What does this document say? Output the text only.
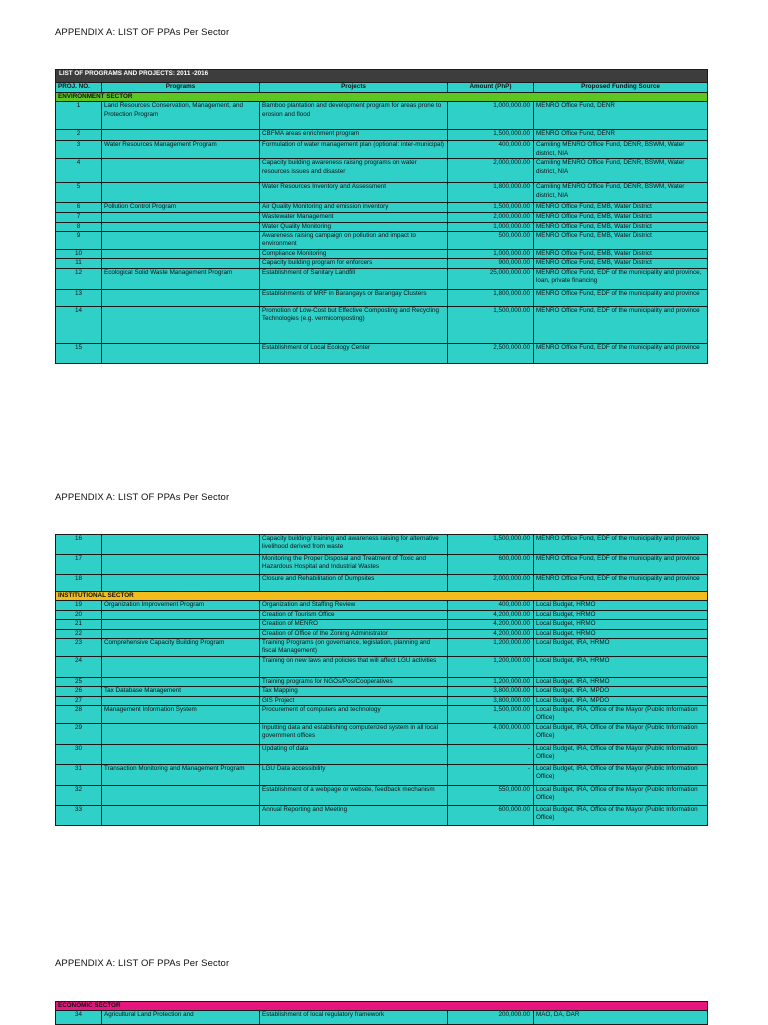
APPENDIX A: LIST OF PPAs Per Sector
LIST OF PROGRAMS AND PROJECTS: 2011 -2016				
PROJ. NO.	Programs	Projects	Amount (PhP)	Proposed Funding Source
ENVIRONMENT SECTOR				
1	Land Resources Conservation, Management, and Protection Program	Bamboo plantation and development program for areas prone to erosion and flood	1,000,000.00	MENRO Office Fund, DENR
2		CBFMA areas enrichment program	1,500,000.00	MENRO Office Fund, DENR
3	Water Resources Management Program	Formulation of water management plan (optional: inter-municipal)	400,000.00	Camiling MENRO Office Fund, DENR, BSWM, Water district, NIA
4		Capacity building awareness raising programs on water resources issues and disaster	2,000,000.00	Camiling MENRO Office Fund, DENR, BSWM, Water district, NIA
5		Water Resources Inventory and Assessment	1,800,000.00	Camiling MENRO Office Fund, DENR, BSWM, Water district, NIA
6	Pollution Control Program	Air Quality Monitoring and emission inventory	1,500,000.00	MENRO Office Fund, EMB, Water District
7		Wastewater Management	2,000,000.00	MENRO Office Fund, EMB, Water District
8		Water Quality Monitoring	1,000,000.00	MENRO Office Fund, EMB, Water District
9		Awareness raising campaign on pollution and impact to environment	500,000.00	MENRO Office Fund, EMB, Water District
10		Compliance Monitoring	1,000,000.00	MENRO Office Fund, EMB, Water District
11		Capacity building program for enforcers	900,000.00	MENRO Office Fund, EMB, Water District
12	Ecological Solid Waste Management Program	Establishment of Sanitary Landfill	25,000,000.00	MENRO Office Fund, EDF of the municipality and province, loan, private financing
13		Establishments of MRF in Barangays or Barangay Clusters	1,800,000.00	MENRO Office Fund, EDF of the municipality and province
14		Promotion of Low-Cost but Effective Composting and Recycling Technologies (e.g. vermicomposting)	1,500,000.00	MENRO Office Fund, EDF of the municipality and province
15		Establishment of Local Ecology Center	2,500,000.00	MENRO Office Fund, EDF of the municipality and province
APPENDIX A: LIST OF PPAs Per Sector
16		Capacity building/ training and awareness raising for alternative livelihood derived from waste	1,500,000.00	MENRO Office Fund, EDF of the municipality and province
17		Monitoring the Proper Disposal and Treatment of Toxic and Hazardous Hospital and Industrial Wastes	600,000.00	MENRO Office Fund, EDF of the municipality and province
18		Closure and Rehabilitation of Dumpsites	2,000,000.00	MENRO Office Fund, EDF of the municipality and province
INSTITUTIONAL SECTOR				
19	Organization Improvement Program	Organization and Staffing Review	400,000.00	Local Budget, HRMO
20		Creation of Tourism Office	4,200,000.00	Local Budget, HRMO
21		Creation of MENRO	4,200,000.00	Local Budget, HRMO
22		Creation of Office of the Zoning Administrator	4,200,000.00	Local Budget, HRMO
23	Comprehensive Capacity Building Program	Training Programs (on governance, legislation, planning and fiscal Management)	1,200,000.00	Local Budget, IRA, HRMO
24		Training on new laws and policies that will affect LGU activities	1,200,000.00	Local Budget, IRA, HRMO
25		Training programs for NGOs/Pos/Cooperatives	1,200,000.00	Local Budget, IRA, HRMO
26	Tax Database Management	Tax Mapping	3,800,000.00	Local Budget, IRA, MPDO
27		GIS Project	3,800,000.00	Local Budget, IRA, MPDO
28	Management Information System	Procurement of computers and technology	1,500,000.00	Local Budget, IRA, Office of the Mayor (Public Information Office)
29		Inputting data and establishing computerized system in all local government offices	4,000,000.00	Local Budget, IRA, Office of the Mayor (Public Information Office)
30		Updating of data	-	Local Budget, IRA, Office of the Mayor (Public Information Office)
31	Transaction Monitoring and Management Program	LGU Data accessibility	-	Local Budget, IRA, Office of the Mayor (Public Information Office)
32		Establishment of a webpage or website, feedback mechanism	550,000.00	Local Budget, IRA, Office of the Mayor (Public Information Office)
33		Annual Reporting and Meeting	600,000.00	Local Budget, IRA, Office of the Mayor (Public Information Office)
APPENDIX A: LIST OF PPAs Per Sector
ECONOMIC SECTOR
34	Agricultural Land Protection and	Establishment of local regulatory framework	200,000.00	MAO, DA, DAR
